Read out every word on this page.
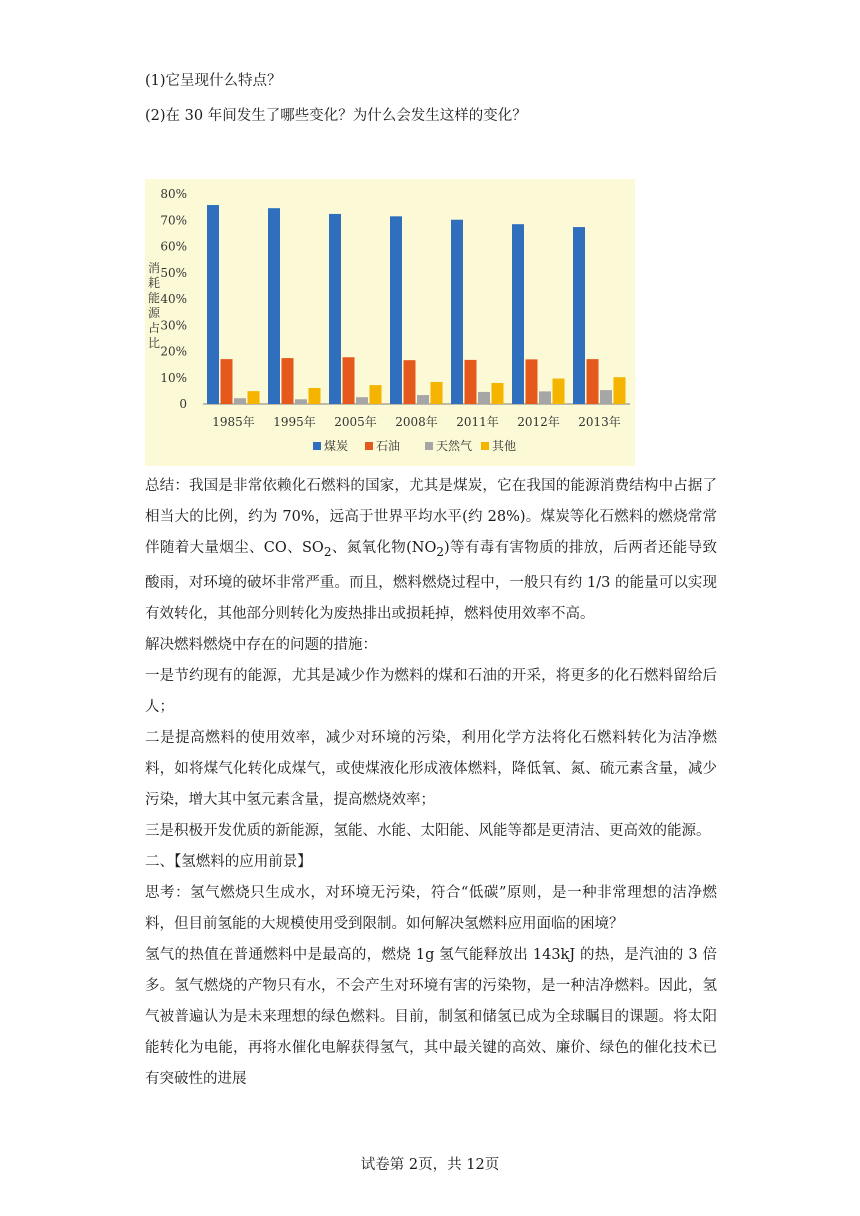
(1)它呈现什么特点？
(2)在 30 年间发生了哪些变化？为什么会发生这样的变化？
0
10%
20%
30%
40%
50%
60%
70%
80%
消
耗
能
源
占
比
1985年 1995年 2005年 2008年 2011年 2012年 2013年
煤炭 石油	天然气 其他

总结：我国是非常依赖化石燃料的国家，尤其是煤炭，它在我国的能源消费结构中占据了相当大的比例，约为 70%，远高于世界平均水平(约 28%)。煤炭等化石燃料的燃烧常常伴随着大量烟尘、CO、$SO_2$、氮氧化物$(NO_2)$等有毒有害物质的排放，后两者还能导致酸雨，对环境的破坏非常严重。而且，燃料燃烧过程中，一般只有约 1/3 的能量可以实现有效转化，其他部分则转化为废热排出或损耗掉，燃料使用效率不高。

解决燃料燃烧中存在的问题的措施：

一是节约现有的能源，尤其是减少作为燃料的煤和石油的开采，将更多的化石燃料留给后人；

二是提高燃料的使用效率，减少对环境的污染，利用化学方法将化石燃料转化为洁净燃料，如将煤气化转化成煤气，或使煤液化形成液体燃料，降低氧、氮、硫元素含量，减少污染，增大其中氢元素含量，提高燃烧效率；

三是积极开发优质的新能源，氢能、水能、太阳能、风能等都是更清洁、更高效的能源。

二、【氢燃料的应用前景】

思考：氢气燃烧只生成水，对环境无污染，符合“低碳”原则，是一种非常理想的洁净燃料，但目前氢能的大规模使用受到限制。如何解决氢燃料应用面临的困境？

氢气的热值在普通燃料中是最高的，燃烧 1g 氢气能释放出 143kJ 的热，是汽油的 3 倍多。氢气燃烧的产物只有水，不会产生对环境有害的污染物，是一种洁净燃料。因此，氢气被普遍认为是未来理想的绿色燃料。目前，制氢和储氢已成为全球瞩目的课题。将太阳能转化为电能，再将水催化电解获得氢气，其中最关键的高效、廉价、绿色的催化技术已有突破性的进展

试卷第 2页，共 12页
